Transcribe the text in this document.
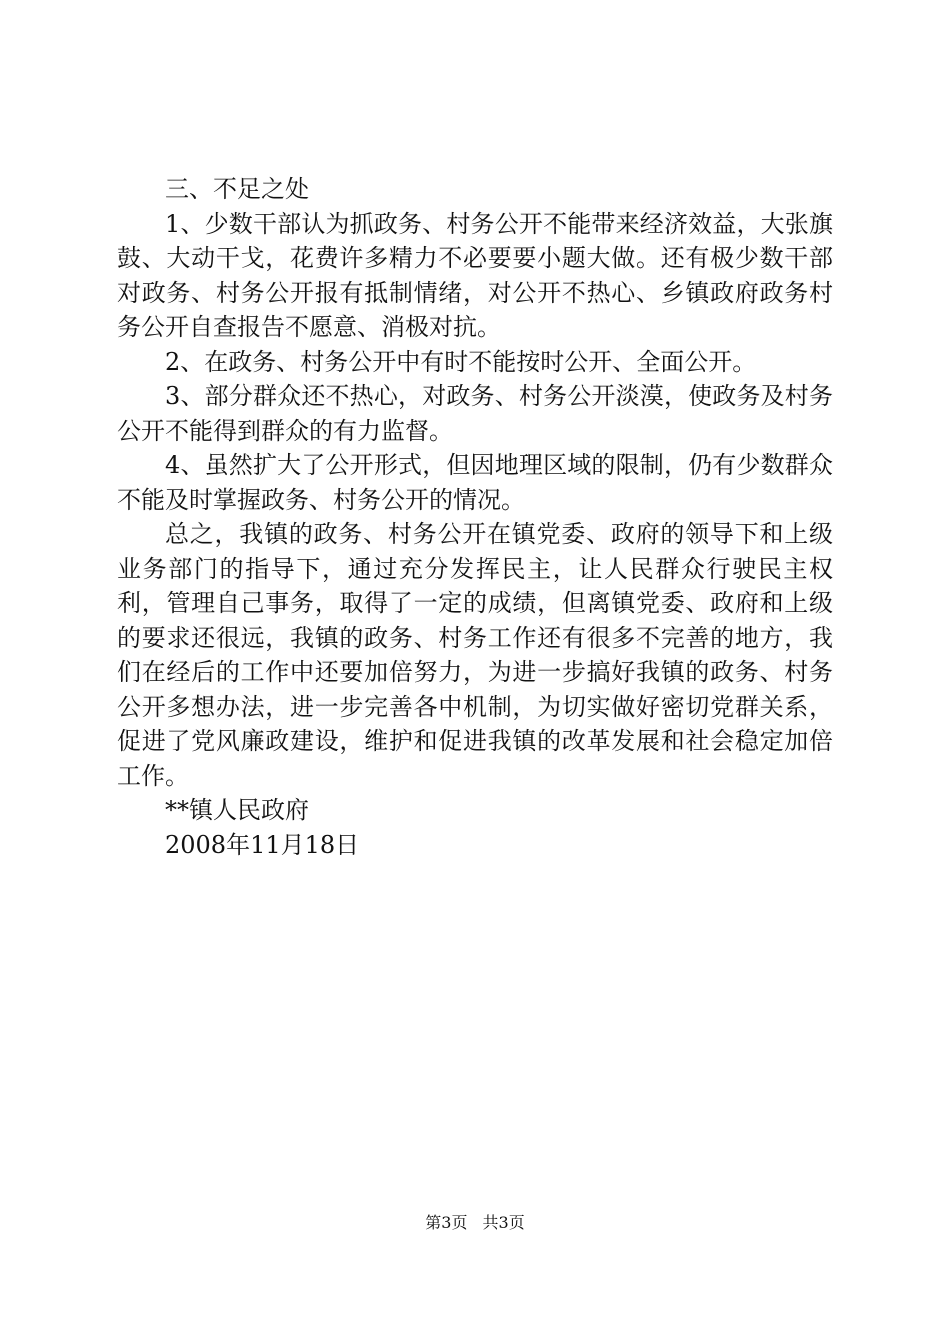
三、不足之处

1、少数干部认为抓政务、村务公开不能带来经济效益，大张旗鼓、大动干戈，花费许多精力不必要要小题大做。还有极少数干部对政务、村务公开报有抵制情绪，对公开不热心、乡镇政府政务村务公开自查报告不愿意、消极对抗。

2、在政务、村务公开中有时不能按时公开、全面公开。

3、部分群众还不热心，对政务、村务公开淡漠，使政务及村务公开不能得到群众的有力监督。

4、虽然扩大了公开形式，但因地理区域的限制，仍有少数群众不能及时掌握政务、村务公开的情况。

总之，我镇的政务、村务公开在镇党委、政府的领导下和上级业务部门的指导下，通过充分发挥民主，让人民群众行驶民主权利，管理自己事务，取得了一定的成绩，但离镇党委、政府和上级的要求还很远，我镇的政务、村务工作还有很多不完善的地方，我们在经后的工作中还要加倍努力，为进一步搞好我镇的政务、村务公开多想办法，进一步完善各中机制，为切实做好密切党群关系，促进了党风廉政建设，维护和促进我镇的改革发展和社会稳定加倍工作。

**镇人民政府

2008年11月18日

第3页 共3页
